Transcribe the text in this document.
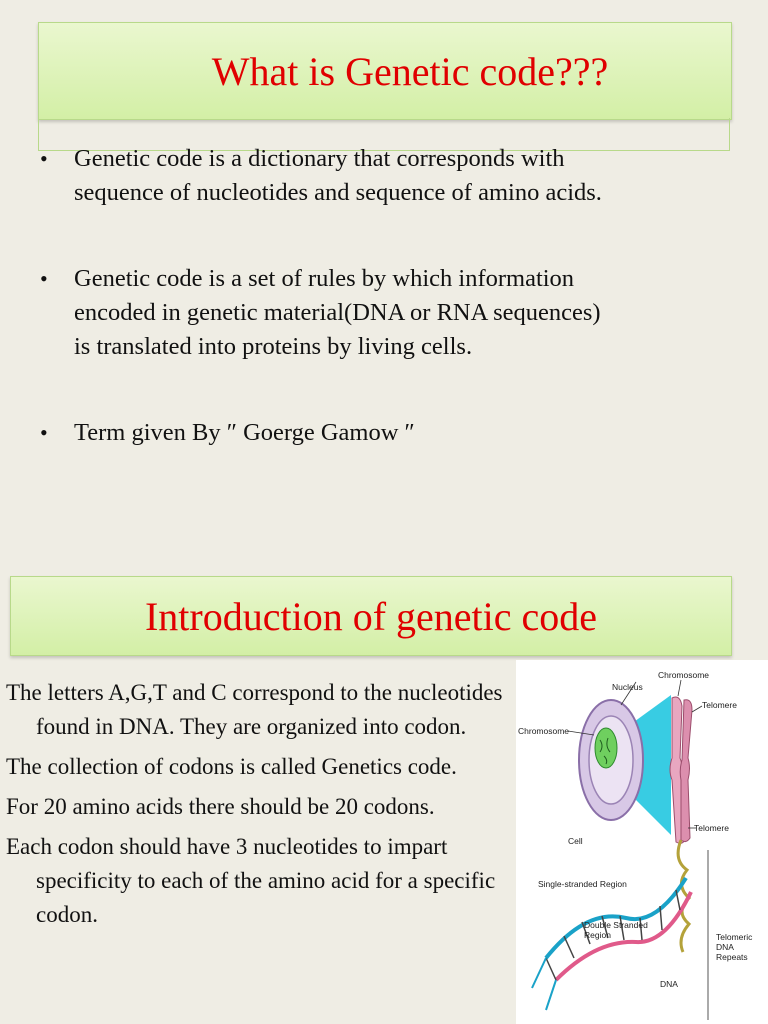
What is Genetic code???
• Genetic code is a dictionary that corresponds with
sequence of nucleotides and sequence of amino acids.
• Genetic code is a set of rules by which information
encoded in genetic material(DNA or RNA sequences)
is translated into proteins by living cells.
• Term given By ″ Goerge Gamow ″
Introduction of genetic code

The letters A,G,T and C correspond to the nucleotides found in DNA. They are organized into codon.

The collection of codons is called Genetics code.

For 20 amino acids there should be 20 codons.

Each codon should have 3 nucleotides to impart specificity to each of the amino acid for a specific codon.

Nucleus
Chromosome
Telomere
Chromosome
Cell
Telomere
Single-stranded Region
Double Stranded
Region	Telomeric
DNA
Repeats
DNA
